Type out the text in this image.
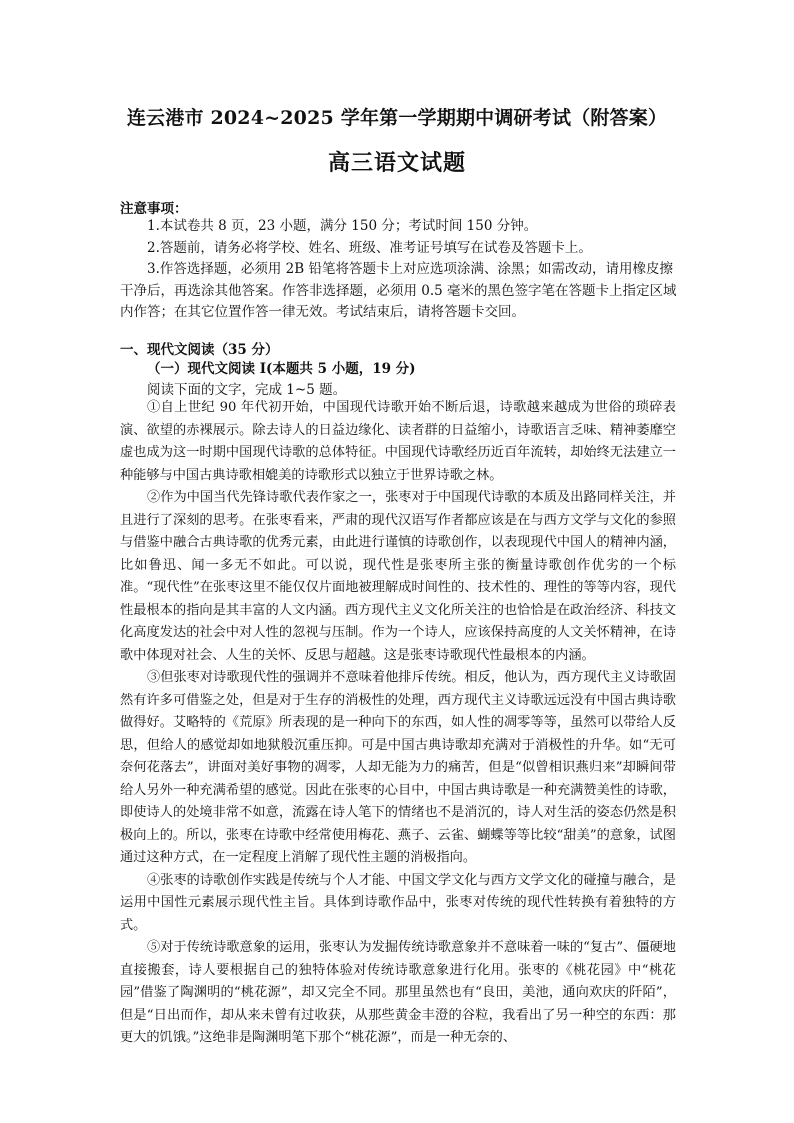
连云港市 2024~2025 学年第一学期期中调研考试（附答案）
高三语文试题
注意事项：

1.本试卷共 8 页，23 小题，满分 150 分；考试时间 150 分钟。

2.答题前，请务必将学校、姓名、班级、准考证号填写在试卷及答题卡上。

3.作答选择题，必须用 2B 铅笔将答题卡上对应选项涂满、涂黑；如需改动，请用橡皮擦干净后，再选涂其他答案。作答非选择题，必须用 0.5 毫米的黑色签字笔在答题卡上指定区域内作答；在其它位置作答一律无效。考试结束后，请将答题卡交回。

一、现代文阅读（35 分）
（一）现代文阅读 I(本题共 5 小题，19 分)
阅读下面的文字，完成 1~5 题。

①自上世纪 90 年代初开始，中国现代诗歌开始不断后退，诗歌越来越成为世俗的琐碎表演、欲望的赤裸展示。除去诗人的日益边缘化、读者群的日益缩小，诗歌语言乏味、精神萎靡空虚也成为这一时期中国现代诗歌的总体特征。中国现代诗歌经历近百年流转，却始终无法建立一种能够与中国古典诗歌相媲美的诗歌形式以独立于世界诗歌之林。

②作为中国当代先锋诗歌代表作家之一，张枣对于中国现代诗歌的本质及出路同样关注，并且进行了深刻的思考。在张枣看来，严肃的现代汉语写作者都应该是在与西方文学与文化的参照与借鉴中融合古典诗歌的优秀元素，由此进行谨慎的诗歌创作，以表现现代中国人的精神内涵，比如鲁迅、闻一多无不如此。可以说，现代性是张枣所主张的衡量诗歌创作优劣的一个标准。“现代性”在张枣这里不能仅仅片面地被理解成时间性的、技术性的、理性的等等内容，现代性最根本的指向是其丰富的人文内涵。西方现代主义文化所关注的也恰恰是在政治经济、科技文化高度发达的社会中对人性的忽视与压制。作为一个诗人，应该保持高度的人文关怀精神，在诗歌中体现对社会、人生的关怀、反思与超越。这是张枣诗歌现代性最根本的内涵。

③但张枣对诗歌现代性的强调并不意味着他排斥传统。相反，他认为，西方现代主义诗歌固然有许多可借鉴之处，但是对于生存的消极性的处理，西方现代主义诗歌远远没有中国古典诗歌做得好。艾略特的《荒原》所表现的是一种向下的东西，如人性的凋零等等，虽然可以带给人反思，但给人的感觉却如地狱般沉重压抑。可是中国古典诗歌却充满对于消极性的升华。如“无可奈何花落去”，讲面对美好事物的凋零，人却无能为力的痛苦，但是“似曾相识燕归来”却瞬间带给人另外一种充满希望的感觉。因此在张枣的心目中，中国古典诗歌是一种充满赞美性的诗歌，即使诗人的处境非常不如意，流露在诗人笔下的情绪也不是消沉的，诗人对生活的姿态仍然是积极向上的。所以，张枣在诗歌中经常使用梅花、燕子、云雀、蝴蝶等等比较“甜美”的意象，试图通过这种方式，在一定程度上消解了现代性主题的消极指向。

④张枣的诗歌创作实践是传统与个人才能、中国文学文化与西方文学文化的碰撞与融合，是运用中国性元素展示现代性主旨。具体到诗歌作品中，张枣对传统的现代性转换有着独特的方式。

⑤对于传统诗歌意象的运用，张枣认为发掘传统诗歌意象并不意味着一味的“复古”、僵硬地直接搬套，诗人要根据自己的独特体验对传统诗歌意象进行化用。张枣的《桃花园》中“桃花园”借鉴了陶渊明的“桃花源”，却又完全不同。那里虽然也有“良田，美池，通向欢庆的阡陌”，但是“日出而作，却从来未曾有过收获，从那些黄金丰澄的谷粒，我看出了另一种空的东西：那更大的饥饿。”这绝非是陶渊明笔下那个“桃花源”，而是一种无奈的、
